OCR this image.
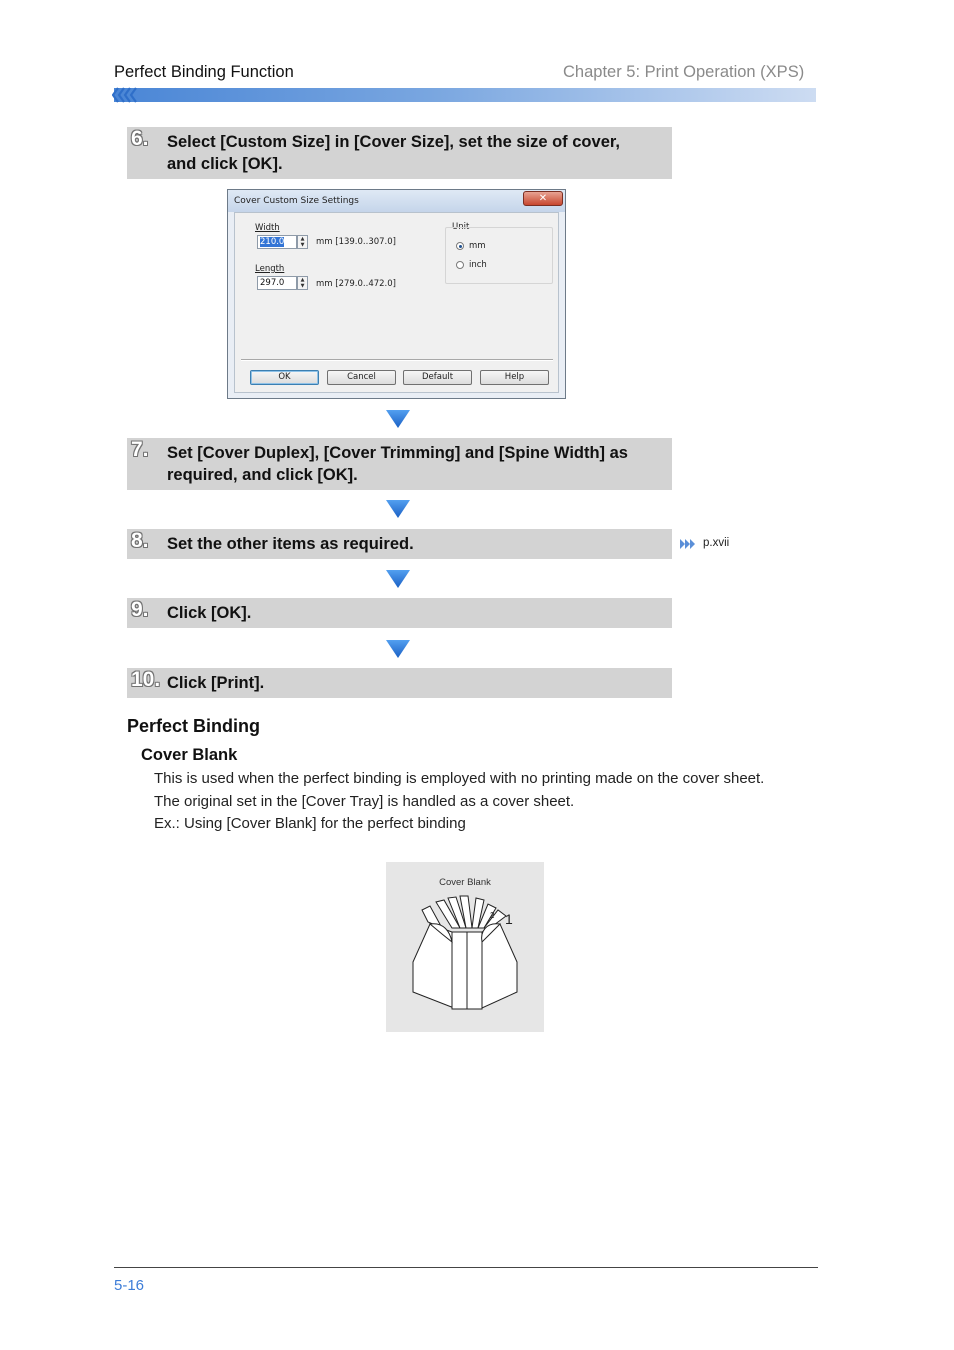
Perfect Binding Function	Chapter 5: Print Operation (XPS)
6. Select [Custom Size] in [Cover Size], set the size of cover,
and click [OK].
Cover Custom Size Settings	✕
Width
210.0	▲
▼	mm [139.0..307.0]
Length
297.0	▲
▼	mm [279.0..472.0]
Unit
mm
inch
OK	Cancel	Default	Help
7. Set [Cover Duplex], [Cover Trimming] and [Spine Width] as
required, and click [OK].
8. Set the other items as required.	p.xvii
9. Click [OK].
10. Click [Print].
Perfect Binding
Cover Blank
This is used when the perfect binding is employed with no printing made on the cover sheet.
The original set in the [Cover Tray] is handled as a cover sheet.
Ex.: Using [Cover Blank] for the perfect binding
Cover Blank
1
2
5-16
